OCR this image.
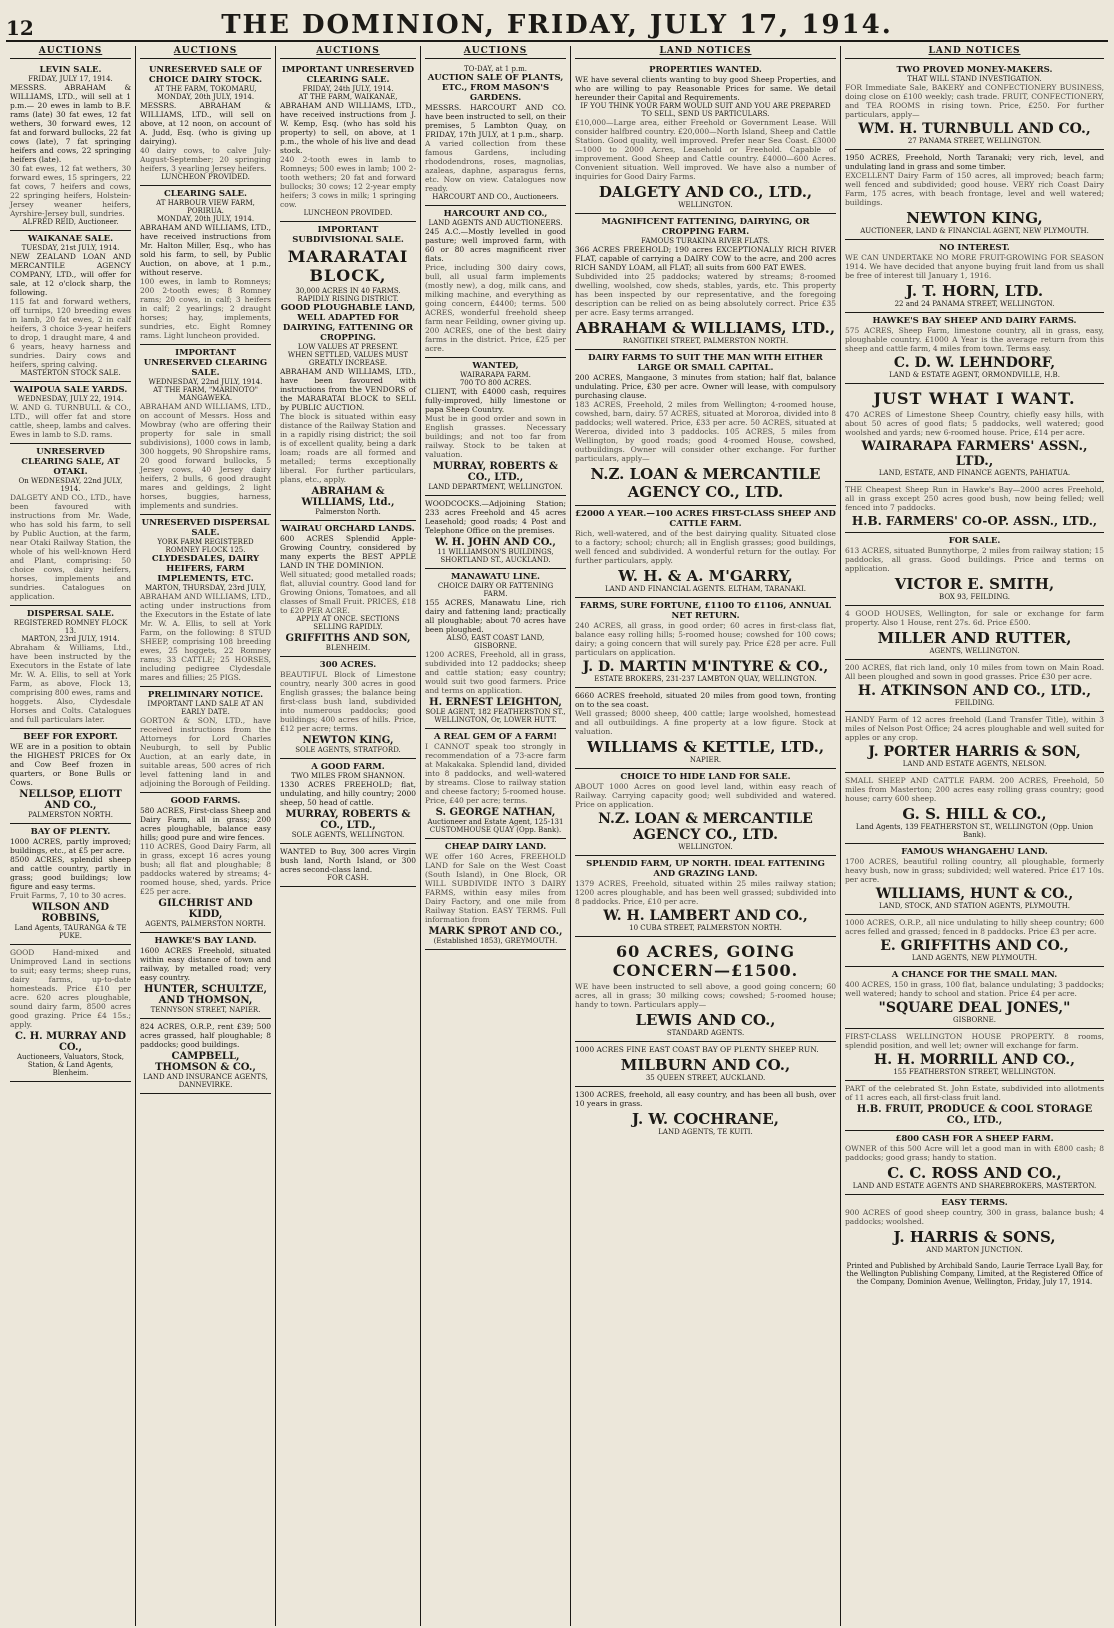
12	THE DOMINION, FRIDAY, JULY 17, 1914.
AUCTIONS
LEVIN SALE.
FRIDAY, JULY 17, 1914.
MESSRS. ABRAHAM & WILLIAMS, LTD., will sell at 1 p.m.— 20 ewes in lamb to B.F. rams (late) 30 fat ewes, 12 fat wethers, 30 forward ewes, 12 fat and forward bullocks, 22 fat cows (late), 7 fat springing heifers and cows, 22 springing heifers (late).
30 fat ewes, 12 fat wethers, 30 forward ewes, 15 springers, 22 fat cows, 7 heifers and cows, 22 springing heifers, Holstein-Jersey weaner heifers, Ayrshire-Jersey bull, sundries.
ALFRED REID, Auctioneer.
WAIKANAE SALE.
TUESDAY, 21st JULY, 1914.
NEW ZEALAND LOAN AND MERCANTILE AGENCY COMPANY, LTD., will offer for sale, at 12 o'clock sharp, the following.
115 fat and forward wethers, off turnips, 120 breeding ewes in lamb, 20 fat ewes, 2 in calf heifers, 3 choice 3-year heifers to drop, 1 draught mare, 4 and 6 years, heavy harness and sundries. Dairy cows and heifers, spring calving.
MASTERTON STOCK SALE.
WAIPOUA SALE YARDS.
WEDNESDAY, JULY 22, 1914.
W. AND G. TURNBULL & CO., LTD., will offer fat and store cattle, sheep, lambs and calves. Ewes in lamb to S.D. rams.
UNRESERVED CLEARING SALE, AT OTAKI.
On WEDNESDAY, 22nd JULY, 1914.
DALGETY AND CO., LTD., have been favoured with instructions from Mr. Wade, who has sold his farm, to sell by Public Auction, at the farm, near Otaki Railway Station, the whole of his well-known Herd and Plant, comprising: 50 choice cows, dairy heifers, horses, implements and sundries. Catalogues on application.
DISPERSAL SALE.
REGISTERED ROMNEY FLOCK 13.
MARTON, 23rd JULY, 1914.
Abraham & Williams, Ltd., have been instructed by the Executors in the Estate of late Mr. W. A. Ellis, to sell at York Farm, as above, Flock 13, comprising 800 ewes, rams and hoggets. Also, Clydesdale Horses and Colts. Catalogues and full particulars later.
BEEF FOR EXPORT.
WE are in a position to obtain the HIGHEST PRICES for Ox and Cow Beef frozen in quarters, or Bone Bulls or Cows.
NELLSOP, ELIOTT AND CO.,
PALMERSTON NORTH.
BAY OF PLENTY.
1000 ACRES, partly improved; buildings, etc., at £5 per acre.
8500 ACRES, splendid sheep and cattle country, partly in grass; good buildings; low figure and easy terms.
Fruit Farms, 7, 10 to 30 acres.
WILSON AND ROBBINS,
Land Agents, TAURANGA & TE PUKE.
GOOD Hand-mixed and Unimproved Land in sections to suit; easy terms; sheep runs, dairy farms, up-to-date homesteads. Price £10 per acre. 620 acres ploughable, sound dairy farm, 8500 acres good grazing. Price £4 15s.; apply.
C. H. MURRAY AND CO.,
Auctioneers, Valuators, Stock, Station, & Land Agents, Blenheim.
AUCTIONS
UNRESERVED SALE OF CHOICE DAIRY STOCK.
AT THE FARM, TOKOMARU,
MONDAY, 20th JULY, 1914.
MESSRS. ABRAHAM & WILLIAMS, LTD., will sell on above, at 12 noon, on account of A. Judd, Esq. (who is giving up dairying).
40 dairy cows, to calve July-August-September; 20 springing heifers, 3 yearling Jersey heifers.
LUNCHEON PROVIDED.
CLEARING SALE.
AT HARBOUR VIEW FARM, PORIRUA.
MONDAY, 20th JULY, 1914.
ABRAHAM AND WILLIAMS, LTD., have received instructions from Mr. Halton Miller, Esq., who has sold his farm, to sell, by Public Auction, on above, at 1 p.m., without reserve.
100 ewes, in lamb to Romneys; 200 2-tooth ewes; 8 Romney rams; 20 cows, in calf; 3 heifers in calf; 2 yearlings; 2 draught horses; hay, implements, sundries, etc. Eight Romney rams. Light luncheon provided.
IMPORTANT UNRESERVED CLEARING SALE.
WEDNESDAY, 22nd JULY, 1914.
AT THE FARM, "MARINOTO" MANGAWEKA.
ABRAHAM AND WILLIAMS, LTD., on account of Messrs. Hoss and Mowbray (who are offering their property for sale in small subdivisions), 1000 cows in lamb, 300 hoggets, 90 Shropshire rams, 20 good forward bullocks, 5 Jersey cows, 40 Jersey dairy heifers, 2 bulls, 6 good draught mares and geldings, 2 light horses, buggies, harness, implements and sundries.
UNRESERVED DISPERSAL SALE.
YORK FARM REGISTERED ROMNEY FLOCK 125.
CLYDESDALES, DAIRY HEIFERS, FARM IMPLEMENTS, ETC.
MARTON, THURSDAY, 23rd JULY,
ABRAHAM AND WILLIAMS, LTD., acting under instructions from the Executors in the Estate of late Mr. W. A. Ellis, to sell at York Farm, on the following: 8 STUD SHEEP, comprising 108 breeding ewes, 25 hoggets, 22 Romney rams; 33 CATTLE; 25 HORSES, including pedigree Clydesdale mares and fillies; 25 PIGS.
PRELIMINARY NOTICE.
IMPORTANT LAND SALE AT AN EARLY DATE.
GORTON & SON, LTD., have received instructions from the Attorneys for Lord Charles Neuburgh, to sell by Public Auction, at an early date, in suitable areas, 500 acres of rich level fattening land in and adjoining the Borough of Feilding.
GOOD FARMS.
580 ACRES, First-class Sheep and Dairy Farm, all in grass; 200 acres ploughable, balance easy hills; good pure and wire fences.
110 ACRES, Good Dairy Farm, all in grass, except 16 acres young bush; all flat and ploughable; 8 paddocks watered by streams; 4-roomed house, shed, yards. Price £25 per acre.
GILCHRIST AND KIDD,
AGENTS, PALMERSTON NORTH.
HAWKE'S BAY LAND.
1600 ACRES Freehold, situated within easy distance of town and railway, by metalled road; very easy country.
HUNTER, SCHULTZE, AND THOMSON,
TENNYSON STREET, NAPIER.
824 ACRES, O.R.P., rent £39; 500 acres grassed, half ploughable; 8 paddocks; good buildings.
CAMPBELL, THOMSON & CO.,
LAND AND INSURANCE AGENTS, DANNEVIRKE.
AUCTIONS
IMPORTANT UNRESERVED CLEARING SALE.
FRIDAY, 24th JULY, 1914.
AT THE FARM, WAIKANAE,
ABRAHAM AND WILLIAMS, LTD., have received instructions from J. W. Kemp, Esq. (who has sold his property) to sell, on above, at 1 p.m., the whole of his live and dead stock.
240 2-tooth ewes in lamb to Romneys; 500 ewes in lamb; 100 2-tooth wethers; 20 fat and forward bullocks; 30 cows; 12 2-year empty heifers; 3 cows in milk; 1 springing cow.
LUNCHEON PROVIDED.
IMPORTANT SUBDIVISIONAL SALE.
MARARATAI BLOCK,
30,000 ACRES IN 40 FARMS.
RAPIDLY RISING DISTRICT.
GOOD PLOUGHABLE LAND, WELL ADAPTED FOR DAIRYING, FATTENING OR CROPPING.
LOW VALUES AT PRESENT.
WHEN SETTLED, VALUES MUST GREATLY INCREASE.
ABRAHAM AND WILLIAMS, LTD., have been favoured with instructions from the VENDORS of the MARARATAI BLOCK to SELL by PUBLIC AUCTION.
The block is situated within easy distance of the Railway Station and in a rapidly rising district; the soil is of excellent quality, being a dark loam; roads are all formed and metalled; terms exceptionally liberal. For further particulars, plans, etc., apply.
ABRAHAM & WILLIAMS, Ltd.,
Palmerston North.
WAIRAU ORCHARD LANDS.
600 ACRES Splendid Apple-Growing Country, considered by many experts the BEST APPLE LAND IN THE DOMINION.
Well situated; good metalled roads; flat, alluvial country. Good land for Growing Onions, Tomatoes, and all classes of Small Fruit. PRICES, £18 to £20 PER ACRE.
APPLY AT ONCE. SECTIONS SELLING RAPIDLY.
GRIFFITHS AND SON,
BLENHEIM.
300 ACRES.
BEAUTIFUL Block of Limestone country, nearly 300 acres in good English grasses; the balance being first-class bush land, subdivided into numerous paddocks; good buildings; 400 acres of hills. Price, £12 per acre; terms.
NEWTON KING,
SOLE AGENTS, STRATFORD.
A GOOD FARM.
TWO MILES FROM SHANNON.
1330 ACRES FREEHOLD; flat, undulating, and hilly country; 2000 sheep, 50 head of cattle.
MURRAY, ROBERTS & CO., LTD.,
SOLE AGENTS, WELLINGTON.
WANTED to Buy, 300 acres Virgin bush land, North Island, or 300 acres second-class land.
FOR CASH.
AUCTIONS
TO-DAY, at 1 p.m.
AUCTION SALE OF PLANTS, ETC., FROM MASON'S GARDENS.
MESSRS. HARCOURT AND CO. have been instructed to sell, on their premises, 5 Lambton Quay, on FRIDAY, 17th JULY, at 1 p.m., sharp.
A varied collection from these famous Gardens, including rhododendrons, roses, magnolias, azaleas, daphne, asparagus ferns, etc. Now on view. Catalogues now ready.
HARCOURT AND CO., Auctioneers.
HARCOURT AND CO.,
LAND AGENTS AND AUCTIONEERS.
245 A.C.—Mostly levelled in good pasture; well improved farm, with 60 or 80 acres magnificent river flats.
Price, including 300 dairy cows, bull, all usual farm implements (mostly new), a dog, milk cans, and milking machine, and everything as going concern, £4400; terms. 500 ACRES, wonderful freehold sheep farm near Feilding, owner giving up. 200 ACRES, one of the best dairy farms in the district. Price, £25 per acre.
WANTED,
WAIRARAPA FARM.
700 TO 800 ACRES.
CLIENT, with £4000 cash, requires fully-improved, hilly limestone or papa Sheep Country.
Must be in good order and sown in English grasses. Necessary buildings; and not too far from railway. Stock to be taken at valuation.
MURRAY, ROBERTS & CO., LTD.,
LAND DEPARTMENT, WELLINGTON.
WOODCOCKS.—Adjoining Station; 233 acres Freehold and 45 acres Leasehold; good roads; 4 Post and Telephone Office on the premises.
W. H. JOHN AND CO.,
11 WILLIAMSON'S BUILDINGS, SHORTLAND ST., AUCKLAND.
MANAWATU LINE.
CHOICE DAIRY OR FATTENING FARM.
155 ACRES, Manawatu Line, rich dairy and fattening land; practically all ploughable; about 70 acres have been ploughed.
ALSO, EAST COAST LAND, GISBORNE.
1200 ACRES, Freehold, all in grass, subdivided into 12 paddocks; sheep and cattle station; easy country; would suit two good farmers. Price and terms on application.
H. ERNEST LEIGHTON,
SOLE AGENT, 182 FEATHERSTON ST., WELLINGTON, Or, LOWER HUTT.
A REAL GEM OF A FARM!
I CANNOT speak too strongly in recommendation of a 73-acre farm at Makakaka. Splendid land, divided into 8 paddocks, and well-watered by streams. Close to railway station and cheese factory; 5-roomed house. Price, £40 per acre; terms.
S. GEORGE NATHAN,
Auctioneer and Estate Agent, 125-131 CUSTOMHOUSE QUAY (Opp. Bank).
CHEAP DAIRY LAND.
WE offer 160 Acres, FREEHOLD LAND for Sale on the West Coast (South Island), in One Block, OR WILL SUBDIVIDE INTO 3 DAIRY FARMS, within easy miles from Dairy Factory, and one mile from Railway Station. EASY TERMS. Full information from
MARK SPROT AND CO.,
(Established 1853), GREYMOUTH.
LAND NOTICES
PROPERTIES WANTED.
WE have several clients wanting to buy good Sheep Properties, and who are willing to pay Reasonable Prices for same. We detail hereunder their Capital and Requirements.
IF YOU THINK YOUR FARM WOULD SUIT AND YOU ARE PREPARED TO SELL, SEND US PARTICULARS.
£10,000—Large area, either Freehold or Government Lease. Will consider halfbred country. £20,000—North Island, Sheep and Cattle Station. Good quality, well improved. Prefer near Sea Coast. £3000—1000 to 2000 Acres, Leasehold or Freehold. Capable of improvement. Good Sheep and Cattle country. £4000—600 Acres. Convenient situation. Well improved. We have also a number of inquiries for Good Dairy Farms.
DALGETY AND CO., LTD.,
WELLINGTON.
MAGNIFICENT FATTENING, DAIRYING, OR CROPPING FARM.
FAMOUS TURAKINA RIVER FLATS.
366 ACRES FREEHOLD; 190 acres EXCEPTIONALLY RICH RIVER FLAT, capable of carrying a DAIRY COW to the acre, and 200 acres RICH SANDY LOAM, all FLAT; all suits from 600 FAT EWES.
Subdivided into 25 paddocks; watered by streams; 8-roomed dwelling, woolshed, cow sheds, stables, yards, etc. This property has been inspected by our representative, and the foregoing description can be relied on as being absolutely correct. Price £35 per acre. Easy terms arranged.
ABRAHAM & WILLIAMS, LTD.,
RANGITIKEI STREET, PALMERSTON NORTH.
DAIRY FARMS TO SUIT THE MAN WITH EITHER LARGE OR SMALL CAPITAL.
200 ACRES, Mangaone, 3 minutes from station; half flat, balance undulating. Price, £30 per acre. Owner will lease, with compulsory purchasing clause.
183 ACRES, Freehold, 2 miles from Wellington; 4-roomed house, cowshed, barn, dairy. 57 ACRES, situated at Mororoa, divided into 8 paddocks; well watered. Price, £33 per acre. 50 ACRES, situated at Wereroa, divided into 3 paddocks. 105 ACRES, 5 miles from Wellington, by good roads; good 4-roomed House, cowshed, outbuildings. Owner will consider other exchange. For further particulars, apply—
N.Z. LOAN & MERCANTILE AGENCY CO., LTD.
£2000 A YEAR.—100 ACRES FIRST-CLASS SHEEP AND CATTLE FARM.
Rich, well-watered, and of the best dairying quality. Situated close to a factory; school; church; all in English grasses; good buildings, well fenced and subdivided. A wonderful return for the outlay. For further particulars, apply.
W. H. & A. M'GARRY,
LAND AND FINANCIAL AGENTS. ELTHAM, TARANAKI.
FARMS, SURE FORTUNE, £1100 TO £1106, ANNUAL NET RETURN.
240 ACRES, all grass, in good order; 60 acres in first-class flat, balance easy rolling hills; 5-roomed house; cowshed for 100 cows; dairy; a going concern that will surely pay. Price £28 per acre. Full particulars on application.
J. D. MARTIN M'INTYRE & CO.,
ESTATE BROKERS, 231-237 LAMBTON QUAY, WELLINGTON.
6660 ACRES freehold, situated 20 miles from good town, fronting on to the sea coast.
Well grassed; 8000 sheep, 400 cattle; large woolshed, homestead and all outbuildings. A fine property at a low figure. Stock at valuation.
WILLIAMS & KETTLE, LTD.,
NAPIER.
CHOICE TO HIDE LAND FOR SALE.
ABOUT 1000 Acres on good level land, within easy reach of Railway. Carrying capacity good; well subdivided and watered. Price on application.
N.Z. LOAN & MERCANTILE AGENCY CO., LTD.
WELLINGTON.
SPLENDID FARM, UP NORTH. IDEAL FATTENING AND GRAZING LAND.
1379 ACRES, Freehold, situated within 25 miles railway station; 1200 acres ploughable, and has been well grassed; subdivided into 8 paddocks. Price, £10 per acre.
W. H. LAMBERT AND CO.,
10 CUBA STREET, PALMERSTON NORTH.
60 ACRES, GOING CONCERN—£1500.
WE have been instructed to sell above, a good going concern; 60 acres, all in grass; 30 milking cows; cowshed; 5-roomed house; handy to town. Particulars apply—
LEWIS AND CO.,
STANDARD AGENTS.
1000 ACRES FINE EAST COAST BAY OF PLENTY SHEEP RUN.
MILBURN AND CO.,
35 QUEEN STREET, AUCKLAND.
1300 ACRES, freehold, all easy country, and has been all bush, over 10 years in grass.
J. W. COCHRANE,
LAND AGENTS, TE KUITI.
LAND NOTICES
TWO PROVED MONEY-MAKERS.
THAT WILL STAND INVESTIGATION.
FOR Immediate Sale, BAKERY and CONFECTIONERY BUSINESS, doing close on £100 weekly; cash trade. FRUIT, CONFECTIONERY, and TEA ROOMS in rising town. Price, £250. For further particulars, apply—
WM. H. TURNBULL AND CO.,
27 PANAMA STREET, WELLINGTON.
1950 ACRES, Freehold, North Taranaki; very rich, level, and undulating land in grass and some timber.
EXCELLENT Dairy Farm of 150 acres, all improved; beach farm; well fenced and subdivided; good house. VERY rich Coast Dairy Farm, 175 acres, with beach frontage, level and well watered; buildings.
NEWTON KING,
AUCTIONEER, LAND & FINANCIAL AGENT, NEW PLYMOUTH.
NO INTEREST.
WE CAN UNDERTAKE NO MORE FRUIT-GROWING FOR SEASON 1914. We have decided that anyone buying fruit land from us shall be free of interest till January 1, 1916.
J. T. HORN, LTD.
22 and 24 PANAMA STREET, WELLINGTON.
HAWKE'S BAY SHEEP AND DAIRY FARMS.
575 ACRES, Sheep Farm, limestone country, all in grass, easy, ploughable country. £1000 A Year is the average return from this sheep and cattle farm, 4 miles from town. Terms easy.
C. D. W. LEHNDORF,
LAND & ESTATE AGENT, ORMONDVILLE, H.B.
JUST WHAT I WANT.
470 ACRES of Limestone Sheep Country, chiefly easy hills, with about 50 acres of good flats; 5 paddocks, well watered; good woolshed and yards; new 6-roomed house. Price, £14 per acre.
WAIRARAPA FARMERS' ASSN., LTD.,
LAND, ESTATE, AND FINANCE AGENTS, PAHIATUA.
THE Cheapest Sheep Run in Hawke's Bay—2000 acres Freehold, all in grass except 250 acres good bush, now being felled; well fenced into 7 paddocks.
H.B. FARMERS' CO-OP. ASSN., LTD.,
FOR SALE.
613 ACRES, situated Bunnythorpe, 2 miles from railway station; 15 paddocks, all grass. Good buildings. Price and terms on application.
VICTOR E. SMITH,
BOX 93, FEILDING.
4 GOOD HOUSES, Wellington, for sale or exchange for farm property. Also 1 House, rent 27s. 6d. Price £500.
MILLER AND RUTTER,
AGENTS, WELLINGTON.
200 ACRES, flat rich land, only 10 miles from town on Main Road. All been ploughed and sown in good grasses. Price £30 per acre.
H. ATKINSON AND CO., LTD.,
FEILDING.
HANDY Farm of 12 acres freehold (Land Transfer Title), within 3 miles of Nelson Post Office; 24 acres ploughable and well suited for apples or any crop.
J. PORTER HARRIS & SON,
LAND AND ESTATE AGENTS, NELSON.
SMALL SHEEP AND CATTLE FARM. 200 ACRES, Freehold, 50 miles from Masterton; 200 acres easy rolling grass country; good house; carry 600 sheep.
G. S. HILL & CO.,
Land Agents, 139 FEATHERSTON ST., WELLINGTON (Opp. Union Bank).
FAMOUS WHANGAEHU LAND.
1700 ACRES, beautiful rolling country, all ploughable, formerly heavy bush, now in grass; subdivided; well watered. Price £17 10s. per acre.
WILLIAMS, HUNT & CO.,
LAND, STOCK, AND STATION AGENTS, PLYMOUTH.
1000 ACRES, O.R.P., all nice undulating to hilly sheep country; 600 acres felled and grassed; fenced in 8 paddocks. Price £3 per acre.
E. GRIFFITHS AND CO.,
LAND AGENTS, NEW PLYMOUTH.
A CHANCE FOR THE SMALL MAN.
400 ACRES, 150 in grass, 100 flat, balance undulating; 3 paddocks; well watered; handy to school and station. Price £4 per acre.
"SQUARE DEAL JONES,"
GISBORNE.
FIRST-CLASS WELLINGTON HOUSE PROPERTY. 8 rooms, splendid position, and well let; owner will exchange for farm.
H. H. MORRILL AND CO.,
155 FEATHERSTON STREET, WELLINGTON.
PART of the celebrated St. John Estate, subdivided into allotments of 11 acres each, all first-class fruit land.
H.B. FRUIT, PRODUCE & COOL STORAGE CO., LTD.,
£800 CASH FOR A SHEEP FARM.
OWNER of this 500 Acre will let a good man in with £800 cash; 8 paddocks; good grass; handy to station.
C. C. ROSS AND CO.,
LAND AND ESTATE AGENTS AND SHAREBROKERS, MASTERTON.
EASY TERMS.
900 ACRES of good sheep country, 300 in grass, balance bush; 4 paddocks; woolshed.
J. HARRIS & SONS,
AND MARTON JUNCTION.
Printed and Published by Archibald Sando, Laurie Terrace Lyall Bay, for the Wellington Publishing Company, Limited, at the Registered Office of the Company, Dominion Avenue, Wellington, Friday, July 17, 1914.
